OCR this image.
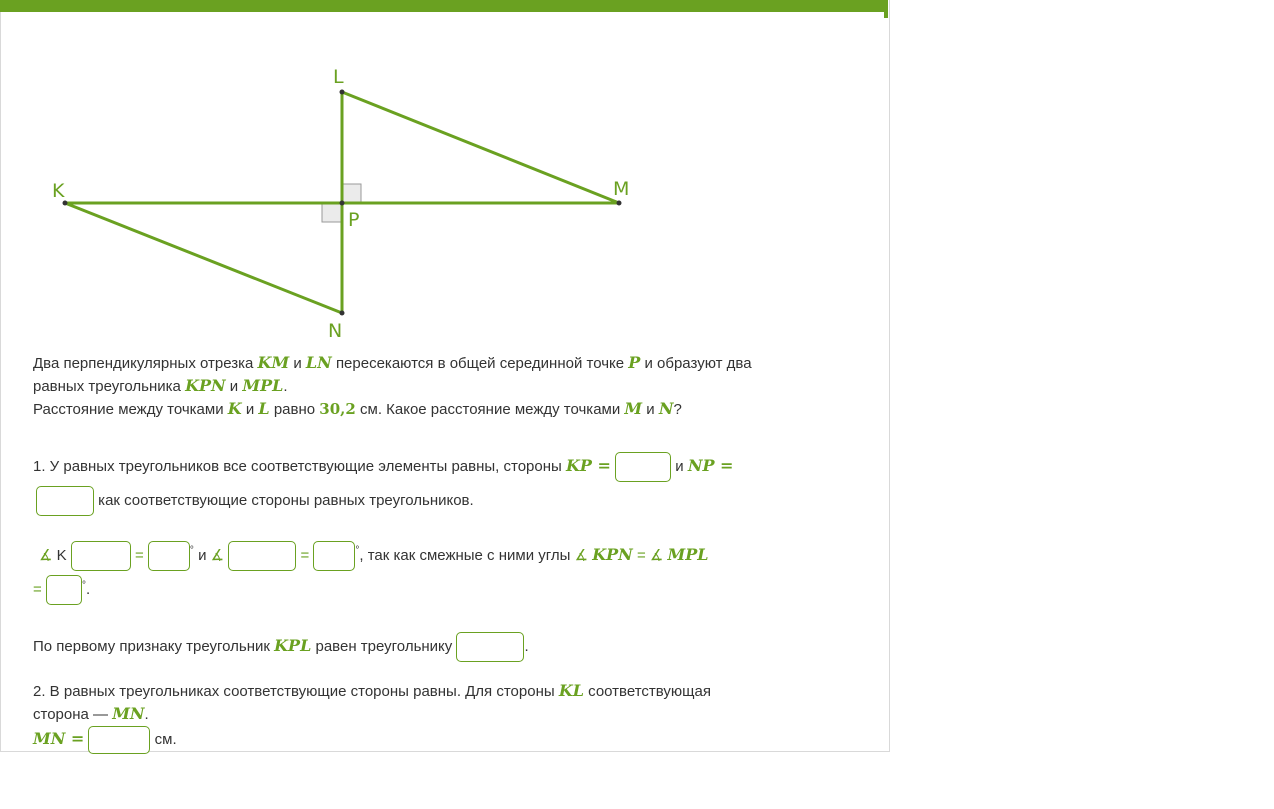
K
L
M
N
P

Два перпендикулярных отрезка KM и LN пересекаются в общей серединной точке P и образуют два
равных треугольника KPN и MPL.
Расстояние между точками K и L равно 30,2 см. Какое расстояние между точками M и N?

1. У равных треугольников все соответствующие элементы равны, стороны KP =	и NP =
как соответствующие стороны равных треугольников.
∡ K	=	° и ∡	=	°, так как смежные с ними углы ∡ KPN = ∡ MPL
=	°.
По первому признаку треугольник KPL равен треугольнику	.
2. В равных треугольниках соответствующие стороны равны. Для стороны KL соответствующая
сторона — MN.
MN =	см.
